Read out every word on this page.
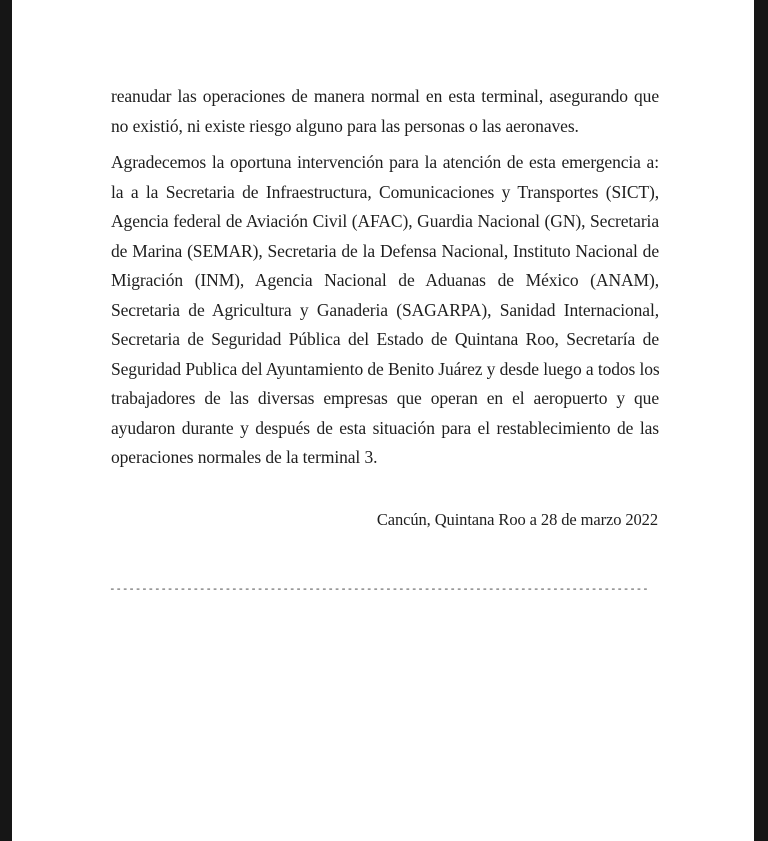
reanudar las operaciones de manera normal en esta terminal, asegurando que
no existió, ni existe riesgo alguno para las personas o las aeronaves.

Agradecemos la oportuna intervención para la atención de esta emergencia a:
la a la Secretaria de Infraestructura, Comunicaciones y Transportes (SICT),
Agencia federal de Aviación Civil (AFAC), Guardia Nacional (GN), Secretaria
de Marina (SEMAR), Secretaria de la Defensa Nacional, Instituto Nacional de
Migración (INM), Agencia Nacional de Aduanas de México (ANAM),
Secretaria de Agricultura y Ganaderia (SAGARPA), Sanidad Internacional,
Secretaria de Seguridad Pública del Estado de Quintana Roo, Secretaría de
Seguridad Publica del Ayuntamiento de Benito Juárez y desde luego a todos los
trabajadores de las diversas empresas que operan en el aeropuerto y que
ayudaron durante y después de esta situación para el restablecimiento de las
operaciones normales de la terminal 3.

Cancún, Quintana Roo a 28 de marzo 2022
------------------------------------------------------------------------------------
